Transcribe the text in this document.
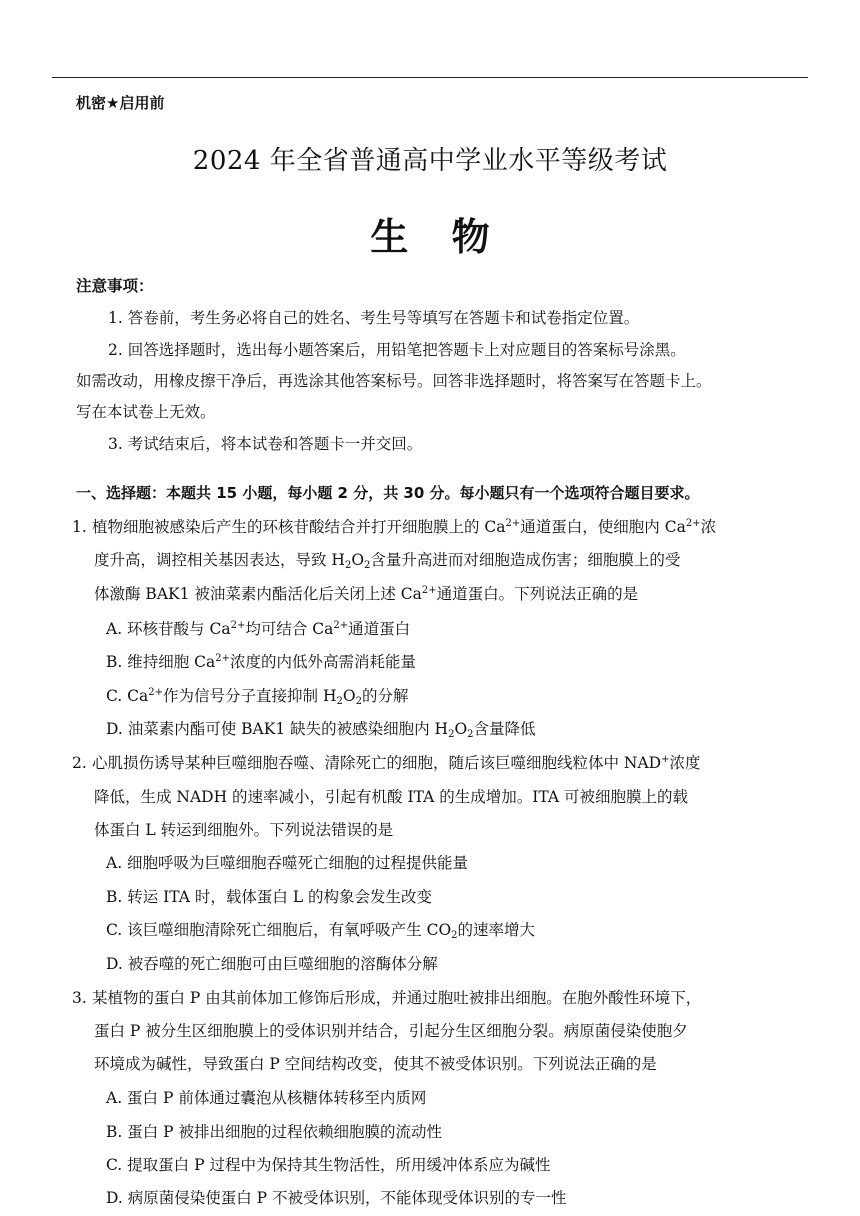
机密★启用前
2024 年全省普通高中学业水平等级考试
生 物
注意事项：
1. 答卷前，考生务必将自己的姓名、考生号等填写在答题卡和试卷指定位置。
2. 回答选择题时，选出每小题答案后，用铅笔把答题卡上对应题目的答案标号涂黑。
如需改动，用橡皮擦干净后，再选涂其他答案标号。回答非选择题时，将答案写在答题卡上。
写在本试卷上无效。
3. 考试结束后，将本试卷和答题卡一并交回。
一、选择题：本题共 15 小题，每小题 2 分，共 30 分。每小题只有一个选项符合题目要求。
1. 植物细胞被感染后产生的环核苷酸结合并打开细胞膜上的 $Ca^{2+}$通道蛋白，使细胞内 $Ca^{2+}$浓
度升高，调控相关基因表达，导致 $H_2O_2$含量升高进而对细胞造成伤害；细胞膜上的受
体激酶 BAK1 被油菜素内酯活化后关闭上述 $Ca^{2+}$通道蛋白。下列说法正确的是
A. 环核苷酸与 $Ca^{2+}$均可结合 $Ca^{2+}$通道蛋白
B. 维持细胞 $Ca^{2+}$浓度的内低外高需消耗能量
C. $Ca^{2+}$作为信号分子直接抑制 $H_2O_2$的分解
D. 油菜素内酯可使 BAK1 缺失的被感染细胞内 $H_2O_2$含量降低
2. 心肌损伤诱导某种巨噬细胞吞噬、清除死亡的细胞，随后该巨噬细胞线粒体中 NAD+浓度
降低，生成 NADH 的速率减小，引起有机酸 ITA 的生成增加。ITA 可被细胞膜上的载
体蛋白 L 转运到细胞外。下列说法错误的是
A. 细胞呼吸为巨噬细胞吞噬死亡细胞的过程提供能量
B. 转运 ITA 时，载体蛋白 L 的构象会发生改变
C. 该巨噬细胞清除死亡细胞后，有氧呼吸产生 $CO_2$的速率增大
D. 被吞噬的死亡细胞可由巨噬细胞的溶酶体分解
3. 某植物的蛋白 P 由其前体加工修饰后形成，并通过胞吐被排出细胞。在胞外酸性环境下，
蛋白 P 被分生区细胞膜上的受体识别并结合，引起分生区细胞分裂。病原菌侵染使胞夕
环境成为碱性，导致蛋白 P 空间结构改变，使其不被受体识别。下列说法正确的是
A. 蛋白 P 前体通过囊泡从核糖体转移至内质网
B. 蛋白 P 被排出细胞的过程依赖细胞膜的流动性
C. 提取蛋白 P 过程中为保持其生物活性，所用缓冲体系应为碱性
D. 病原菌侵染使蛋白 P 不被受体识别，不能体现受体识别的专一性
